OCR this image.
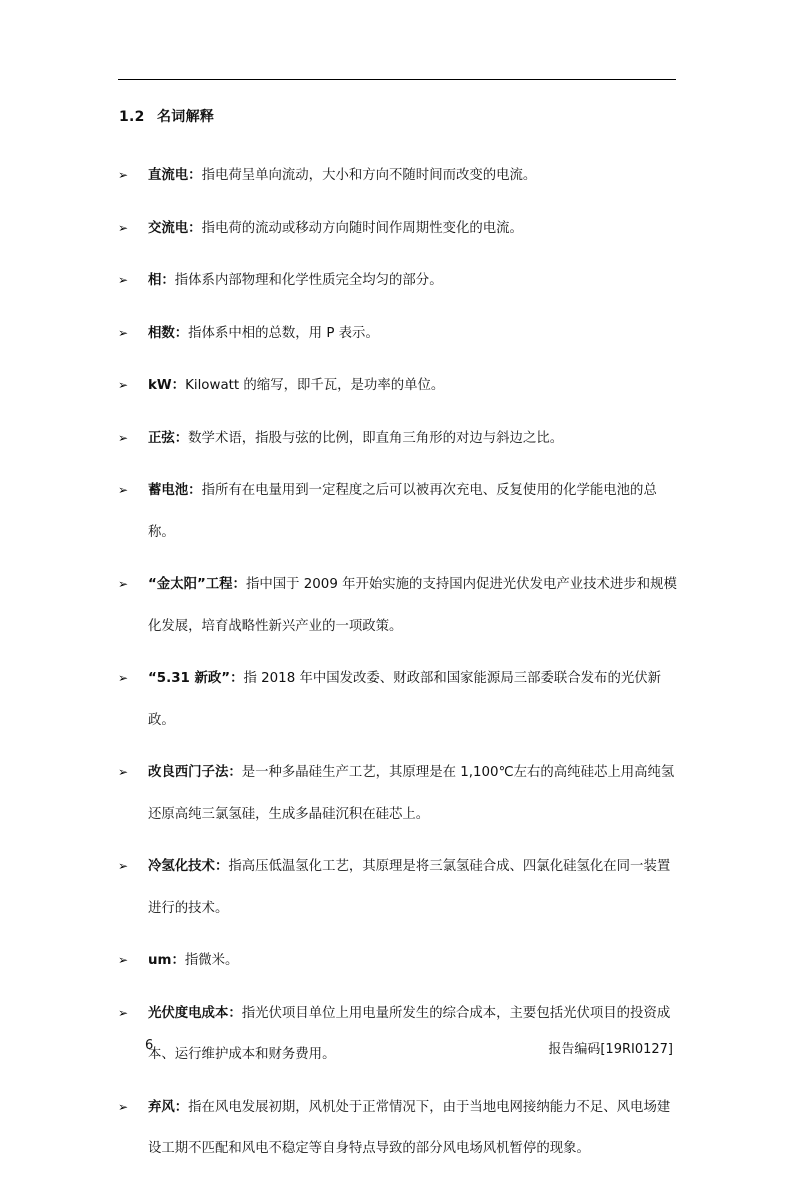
1.2 名词解释
➢ 直流电：指电荷呈单向流动，大小和方向不随时间而改变的电流。
➢ 交流电：指电荷的流动或移动方向随时间作周期性变化的电流。
➢ 相：指体系内部物理和化学性质完全均匀的部分。
➢ 相数：指体系中相的总数，用 P 表示。
➢ kW：Kilowatt 的缩写，即千瓦，是功率的单位。
➢ 正弦：数学术语，指股与弦的比例，即直角三角形的对边与斜边之比。
➢ 蓄电池：指所有在电量用到一定程度之后可以被再次充电、反复使用的化学能电池的总称。
➢ “金太阳”工程：指中国于 2009 年开始实施的支持国内促进光伏发电产业技术进步和规模化发展，培育战略性新兴产业的一项政策。
➢ “5.31 新政”：指 2018 年中国发改委、财政部和国家能源局三部委联合发布的光伏新政。
➢ 改良西门子法：是一种多晶硅生产工艺，其原理是在 1,100℃左右的高纯硅芯上用高纯氢还原高纯三氯氢硅，生成多晶硅沉积在硅芯上。
➢ 冷氢化技术：指高压低温氢化工艺，其原理是将三氯氢硅合成、四氯化硅氢化在同一装置进行的技术。
➢ um：指微米。
➢ 光伏度电成本：指光伏项目单位上用电量所发生的综合成本，主要包括光伏项目的投资成本、运行维护成本和财务费用。
➢ 弃风：指在风电发展初期，风机处于正常情况下，由于当地电网接纳能力不足、风电场建设工期不匹配和风电不稳定等自身特点导致的部分风电场风机暂停的现象。
6	报告编码[19RI0127]
